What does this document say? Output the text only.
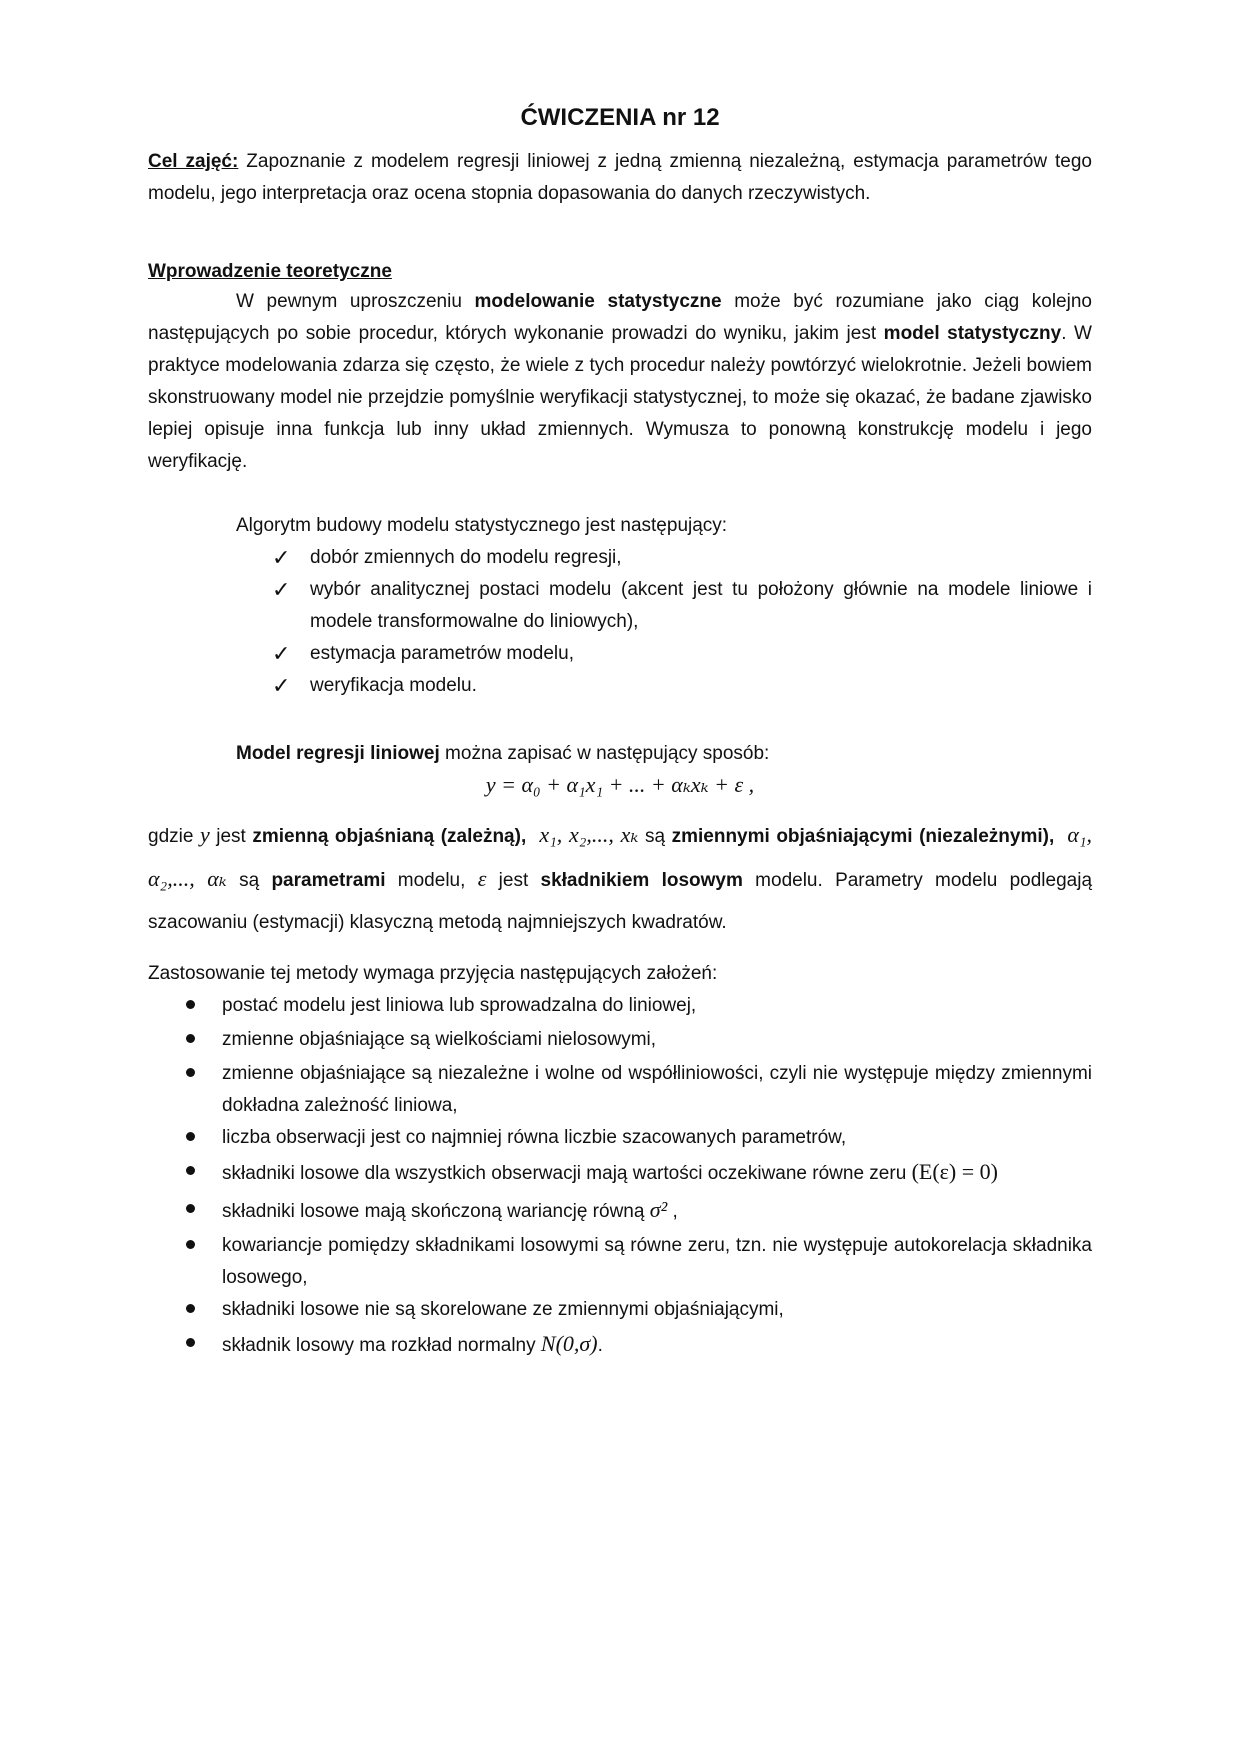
ĆWICZENIA nr 12
Cel zajęć: Zapoznanie z modelem regresji liniowej z jedną zmienną niezależną, estymacja parametrów tego modelu, jego interpretacja oraz ocena stopnia dopasowania do danych rzeczywistych.
Wprowadzenie teoretyczne
W pewnym uproszczeniu modelowanie statystyczne może być rozumiane jako ciąg kolejno następujących po sobie procedur, których wykonanie prowadzi do wyniku, jakim jest model statystyczny. W praktyce modelowania zdarza się często, że wiele z tych procedur należy powtórzyć wielokrotnie. Jeżeli bowiem skonstruowany model nie przejdzie pomyślnie weryfikacji statystycznej, to może się okazać, że badane zjawisko lepiej opisuje inna funkcja lub inny układ zmiennych. Wymusza to ponowną konstrukcję modelu i jego weryfikację.
Algorytm budowy modelu statystycznego jest następujący:
✓	dobór zmiennych do modelu regresji,
✓	wybór analitycznej postaci modelu (akcent jest tu położony głównie na modele liniowe i modele transformowalne do liniowych),
✓	estymacja parametrów modelu,
✓	weryfikacja modelu.
Model regresji liniowej można zapisać w następujący sposób:
y = α₀ + α₁x₁ + ... + αₖxₖ + ε ,
gdzie y jest zmienną objaśnianą (zależną), x₁, x₂,..., xₖ są zmiennymi objaśniającymi (niezależnymi), α₁, α₂,..., αₖ są parametrami modelu, ε jest składnikiem losowym modelu. Parametry modelu podlegają szacowaniu (estymacji) klasyczną metodą najmniejszych kwadratów.
Zastosowanie tej metody wymaga przyjęcia następujących założeń:
postać modelu jest liniowa lub sprowadzalna do liniowej,
zmienne objaśniające są wielkościami nielosowymi,
zmienne objaśniające są niezależne i wolne od współliniowości, czyli nie występuje między zmiennymi dokładna zależność liniowa,
liczba obserwacji jest co najmniej równa liczbie szacowanych parametrów,
składniki losowe dla wszystkich obserwacji mają wartości oczekiwane równe zeru (E(ε) = 0)
składniki losowe mają skończoną wariancję równą σ² ,
kowariancje pomiędzy składnikami losowymi są równe zeru, tzn. nie występuje autokorelacja składnika losowego,
składniki losowe nie są skorelowane ze zmiennymi objaśniającymi,
składnik losowy ma rozkład normalny N(0,σ).
